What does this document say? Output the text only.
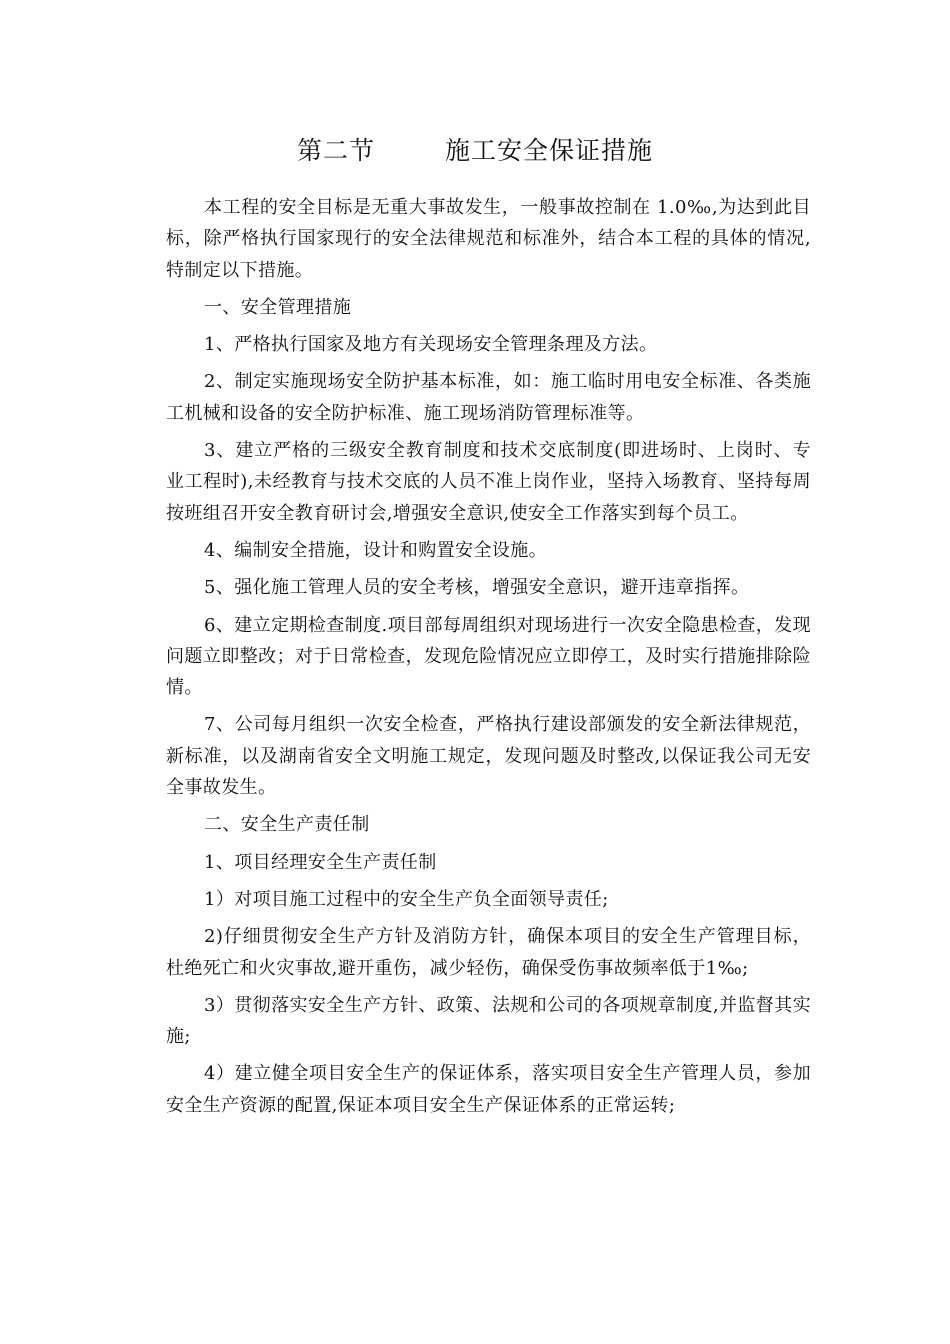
第二节	施工安全保证措施

本工程的安全目标是无重大事故发生，一般事故控制在 1.0‰,为达到此目标，除严格执行国家现行的安全法律规范和标准外，结合本工程的具体的情况,特制定以下措施。

一、安全管理措施

1、严格执行国家及地方有关现场安全管理条理及方法。

2、制定实施现场安全防护基本标准，如：施工临时用电安全标准、各类施工机械和设备的安全防护标准、施工现场消防管理标准等。

3、建立严格的三级安全教育制度和技术交底制度(即进场时、上岗时、专业工程时),未经教育与技术交底的人员不准上岗作业，坚持入场教育、坚持每周按班组召开安全教育研讨会,增强安全意识,使安全工作落实到每个员工。

4、编制安全措施，设计和购置安全设施。

5、强化施工管理人员的安全考核，增强安全意识，避开违章指挥。

6、建立定期检查制度.项目部每周组织对现场进行一次安全隐患检查，发现问题立即整改；对于日常检查，发现危险情况应立即停工，及时实行措施排除险情。

7、公司每月组织一次安全检查，严格执行建设部颁发的安全新法律规范，新标准，以及湖南省安全文明施工规定，发现问题及时整改,以保证我公司无安全事故发生。

二、安全生产责任制

1、项目经理安全生产责任制

1）对项目施工过程中的安全生产负全面领导责任;

2)仔细贯彻安全生产方针及消防方针，确保本项目的安全生产管理目标，杜绝死亡和火灾事故,避开重伤，减少轻伤，确保受伤事故频率低于1‰;

3）贯彻落实安全生产方针、政策、法规和公司的各项规章制度,并监督其实施;

4）建立健全项目安全生产的保证体系，落实项目安全生产管理人员，参加安全生产资源的配置,保证本项目安全生产保证体系的正常运转;
